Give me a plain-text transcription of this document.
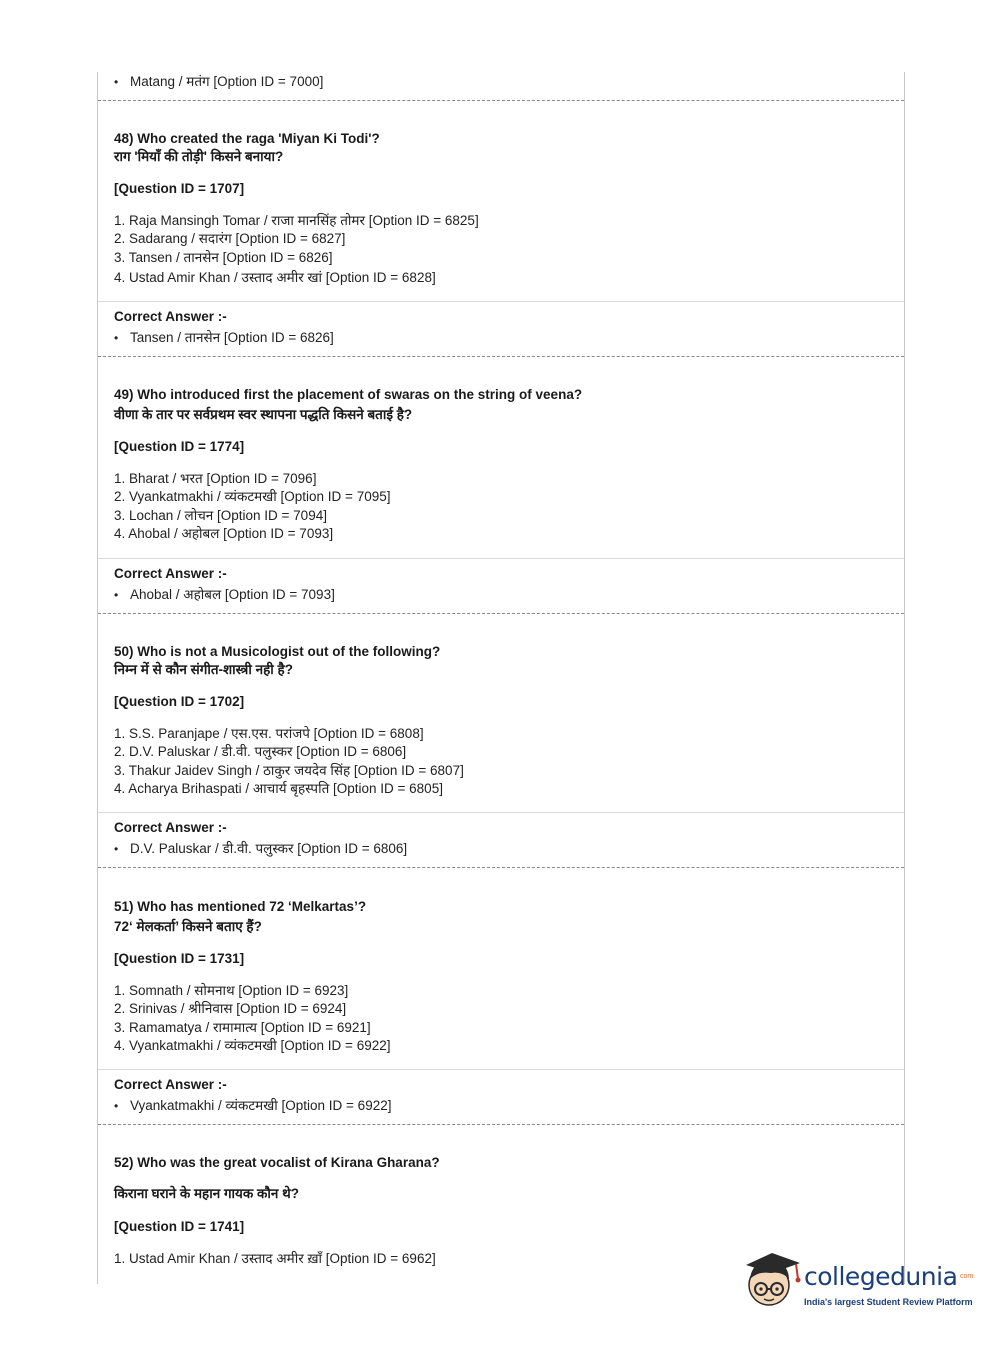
• Matang / मतंग [Option ID = 7000]
48) Who created the raga 'Miyan Ki Todi'?
राग 'मियाँ की तोड़ी' किसने बनाया?
[Question ID = 1707]
1. Raja Mansingh Tomar / राजा मानसिंह तोमर [Option ID = 6825]
2. Sadarang / सदारंग [Option ID = 6827]
3. Tansen / तानसेन [Option ID = 6826]
4. Ustad Amir Khan / उस्ताद अमीर खां [Option ID = 6828]
Correct Answer :-
• Tansen / तानसेन [Option ID = 6826]
49) Who introduced first the placement of swaras on the string of veena?
वीणा के तार पर सर्वप्रथम स्वर स्थापना पद्धति किसने बताई है?
[Question ID = 1774]
1. Bharat / भरत [Option ID = 7096]
2. Vyankatmakhi / व्यंकटमखी [Option ID = 7095]
3. Lochan / लोचन [Option ID = 7094]
4. Ahobal / अहोबल [Option ID = 7093]
Correct Answer :-
• Ahobal / अहोबल [Option ID = 7093]
50) Who is not a Musicologist out of the following?
निम्न में से कौन संगीत-शास्त्री नही है?
[Question ID = 1702]
1. S.S. Paranjape / एस.एस. परांजपे [Option ID = 6808]
2. D.V. Paluskar / डी.वी. पलुस्कर [Option ID = 6806]
3. Thakur Jaidev Singh / ठाकुर जयदेव सिंह [Option ID = 6807]
4. Acharya Brihaspati / आचार्य बृहस्पति [Option ID = 6805]
Correct Answer :-
• D.V. Paluskar / डी.वी. पलुस्कर [Option ID = 6806]
51) Who has mentioned 72 ‘Melkartas’?
72‘ मेलकर्ता’ किसने बताए हैं?
[Question ID = 1731]
1. Somnath / सोमनाथ [Option ID = 6923]
2. Srinivas / श्रीनिवास [Option ID = 6924]
3. Ramamatya / रामामात्य [Option ID = 6921]
4. Vyankatmakhi / व्यंकटमखी [Option ID = 6922]
Correct Answer :-
• Vyankatmakhi / व्यंकटमखी [Option ID = 6922]
52) Who was the great vocalist of Kirana Gharana?
किराना घराने के महान गायक कौन थे?
[Question ID = 1741]
1. Ustad Amir Khan / उस्ताद अमीर ख़ाँ [Option ID = 6962]
collegedunia com
India's largest Student Review Platform
